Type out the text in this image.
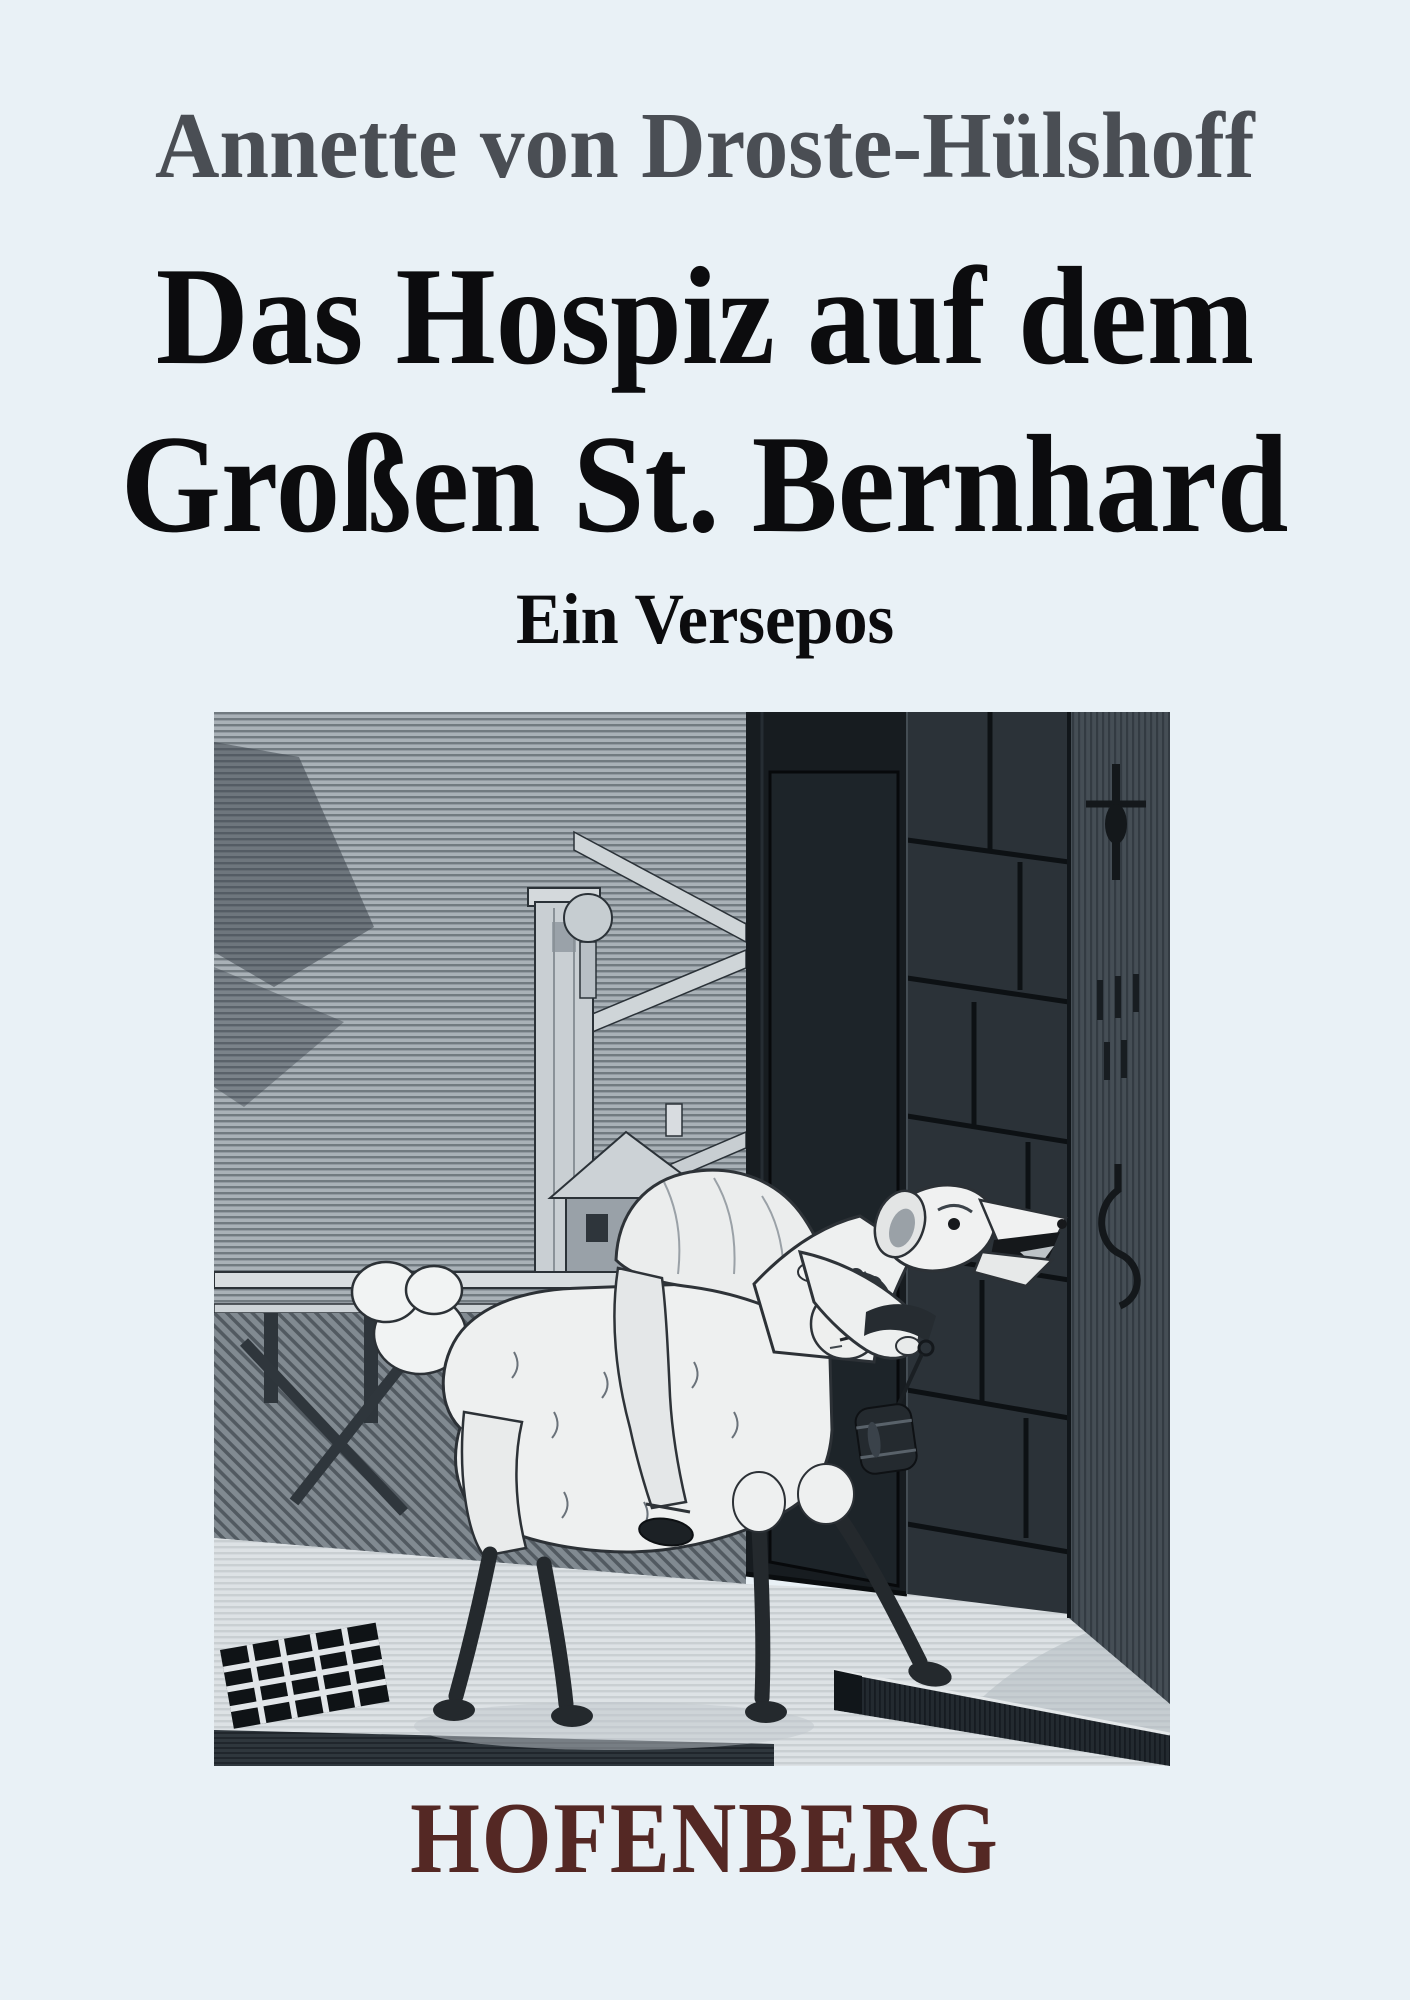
Annette von Droste-Hülshoff
Das Hospiz auf dem
Großen St. Bernhard
Ein Versepos
HOFENBERG
